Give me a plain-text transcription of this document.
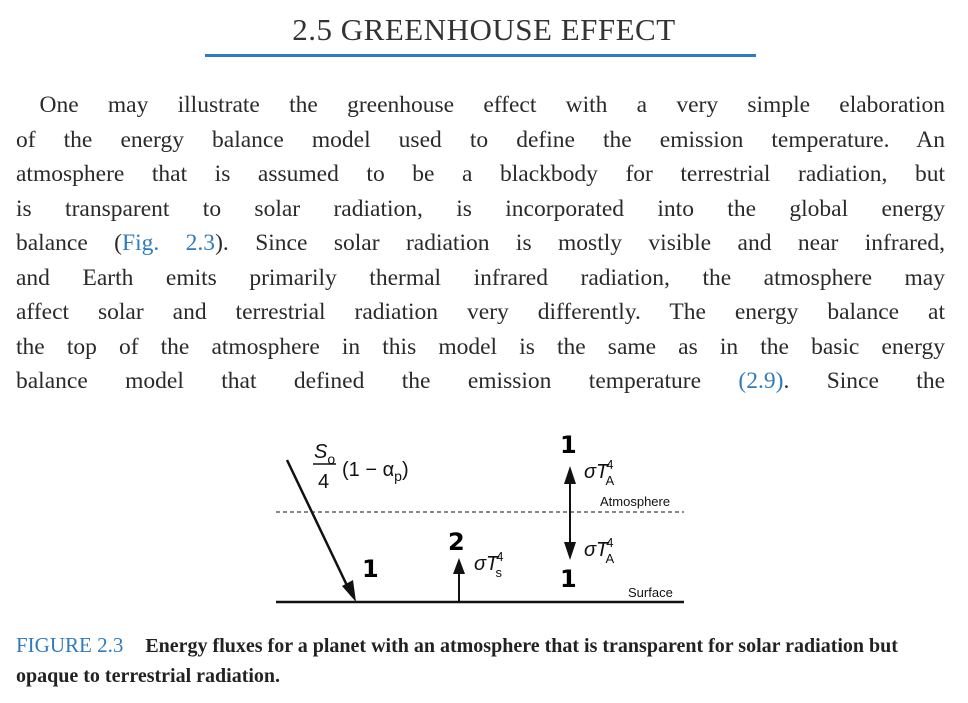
2.5 GREENHOUSE EFFECT
 One may illustrate the greenhouse effect with a very simple elaboration
of the energy balance model used to define the emission temperature. An
atmosphere that is assumed to be a blackbody for terrestrial radiation, but
is transparent to solar radiation, is incorporated into the global energy
balance (Fig. 2.3). Since solar radiation is mostly visible and near infrared,
and Earth emits primarily thermal infrared radiation, the atmosphere may
affect solar and terrestrial radiation very differently. The energy balance at
the top of the atmosphere in this model is the same as in the basic energy
balance model that defined the emission temperature (2.9). Since the
$S_o$
4
$(1 - \alpha_p)$
Atmosphere
Surface
σT4 s
σT4 A
σT4 A
1
2
1	1
FIGURE 2.3 Energy fluxes for a planet with an atmosphere that is transparent for solar radiation but opaque to terrestrial radiation.
